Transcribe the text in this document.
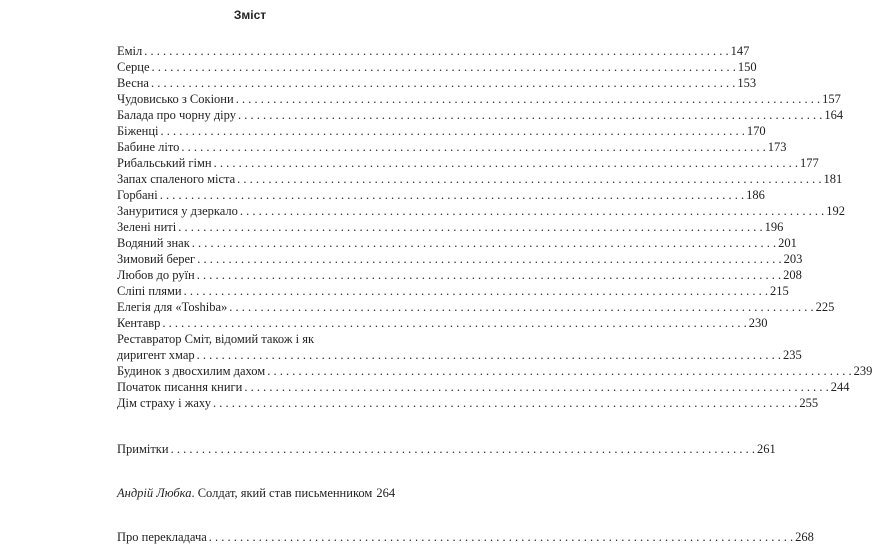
Зміст
Еміл . . .	147
Серце . . .	150
Весна . . .	153
Чудовисько з Сокіони . . .	157
Балада про чорну діру . . .	164
Біженці . . .	170
Бабине літо . . .	173
Рибальський гімн . . .	177
Запах спаленого міста . . .	181
Горбані . . .	186
Зануритися у дзеркало . . .	192
Зелені ниті . . .	196
Водяний знак . . .	201
Зимовий берег . . .	203
Любов до руїн . . .	208
Сліпі плями . . .	215
Елегія для «Toshiba» . . .	225
Кентавр . . .	230
Реставратор Сміт, відомий також і як
диригент хмар . . .	235
Будинок з двосхилим дахом . . .	239
Початок писання книги . . .	244
Дім страху і жаху . . .	255
Примітки . . .	261
Андрій Любка. Солдат, який став письменником 264
Про перекладача . . .	268
